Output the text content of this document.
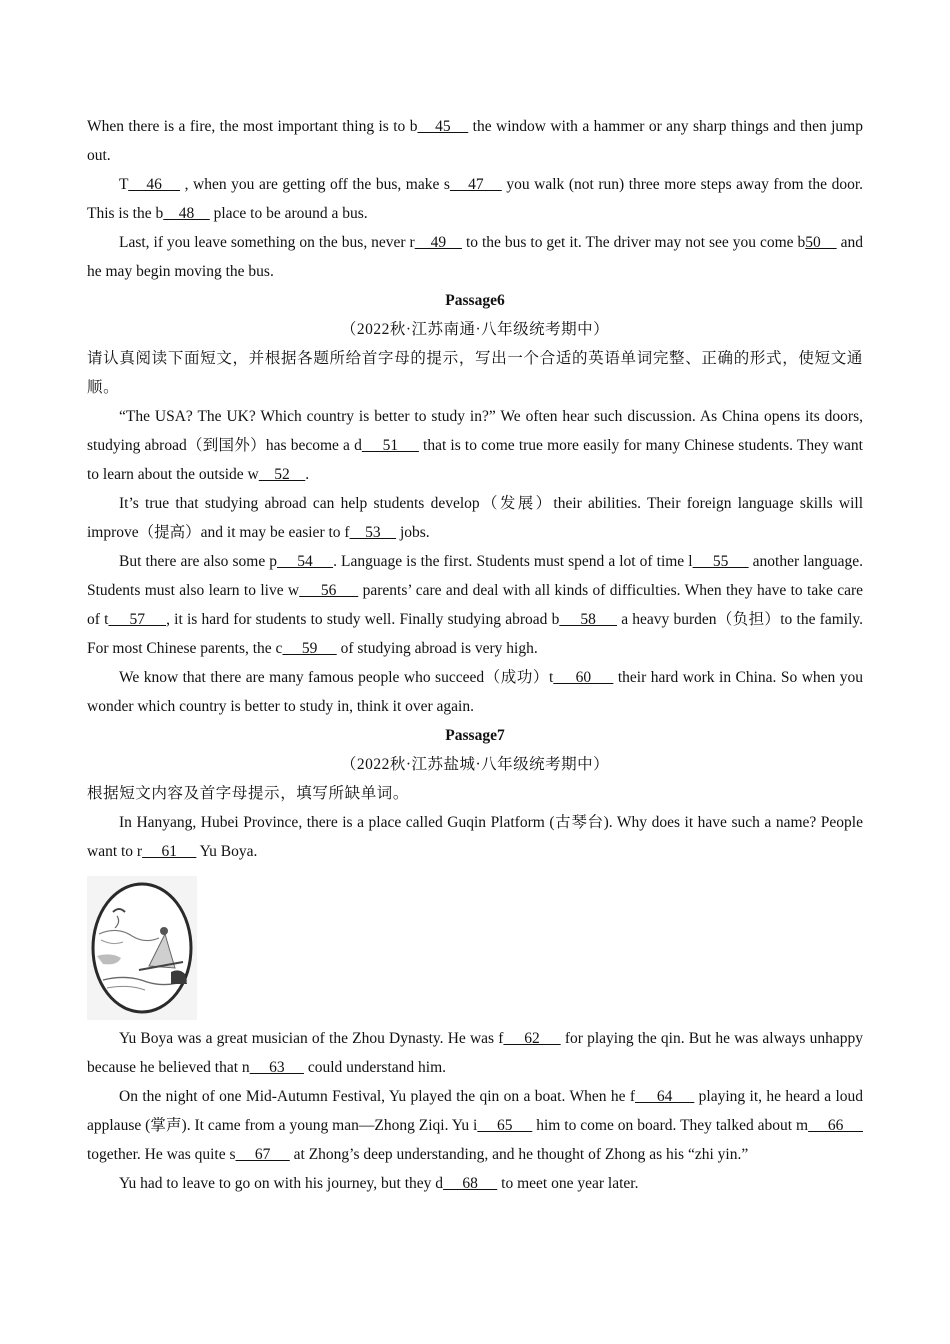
When there is a fire, the most important thing is to b    45     the window with a hammer or any sharp things and then jump out.

T    46     , when you are getting off the bus, make s    47     you walk (not run) three more steps away from the door. This is the b    48     place to be around a bus.

Last, if you leave something on the bus, never r    49     to the bus to get it. The driver may not see you come b50     and he may begin moving the bus.

Passage6
（2022秋·江苏南通·八年级统考期中）

请认真阅读下面短文，并根据各题所给首字母的提示，写出一个合适的英语单词完整、正确的形式，使短文通顺。

“The USA? The UK? Which country is better to study in?” We often hear such discussion. As China opens its doors, studying abroad（到国外）has become a d     51      that is to come true more easily for many Chinese students. They want to learn about the outside w    52    .

It’s true that studying abroad can help students develop（发展）their abilities. Their foreign language skills will improve（提高）and it may be easier to f    53     jobs.

But there are also some p     54     . Language is the first. Students must spend a lot of time l     55      another language. Students must also learn to live w     56      parents’ care and deal with all kinds of difficulties. When they have to take care of t     57     , it is hard for students to study well. Finally studying abroad b     58      a heavy burden（负担）to the family. For most Chinese parents, the c     59      of studying abroad is very high.

We know that there are many famous people who succeed（成功）t     60      their hard work in China. So when you wonder which country is better to study in, think it over again.

Passage7
（2022秋·江苏盐城·八年级统考期中）

根据短文内容及首字母提示，填写所缺单词。

In Hanyang, Hubei Province, there is a place called Guqin Platform (古琴台). Why does it have such a name? People want to r     61      Yu Boya.

Yu Boya was a great musician of the Zhou Dynasty. He was f     62      for playing the qin. But he was always unhappy because he believed that n     63      could understand him.

On the night of one Mid-Autumn Festival, Yu played the qin on a boat. When he f     64      playing it, he heard a loud applause (掌声). It came from a young man—Zhong Ziqi. Yu i     65      him to come on board. They talked about m     66      together. He was quite s     67      at Zhong’s deep understanding, and he thought of Zhong as his “zhi yin.”

Yu had to leave to go on with his journey, but they d     68      to meet one year later.
